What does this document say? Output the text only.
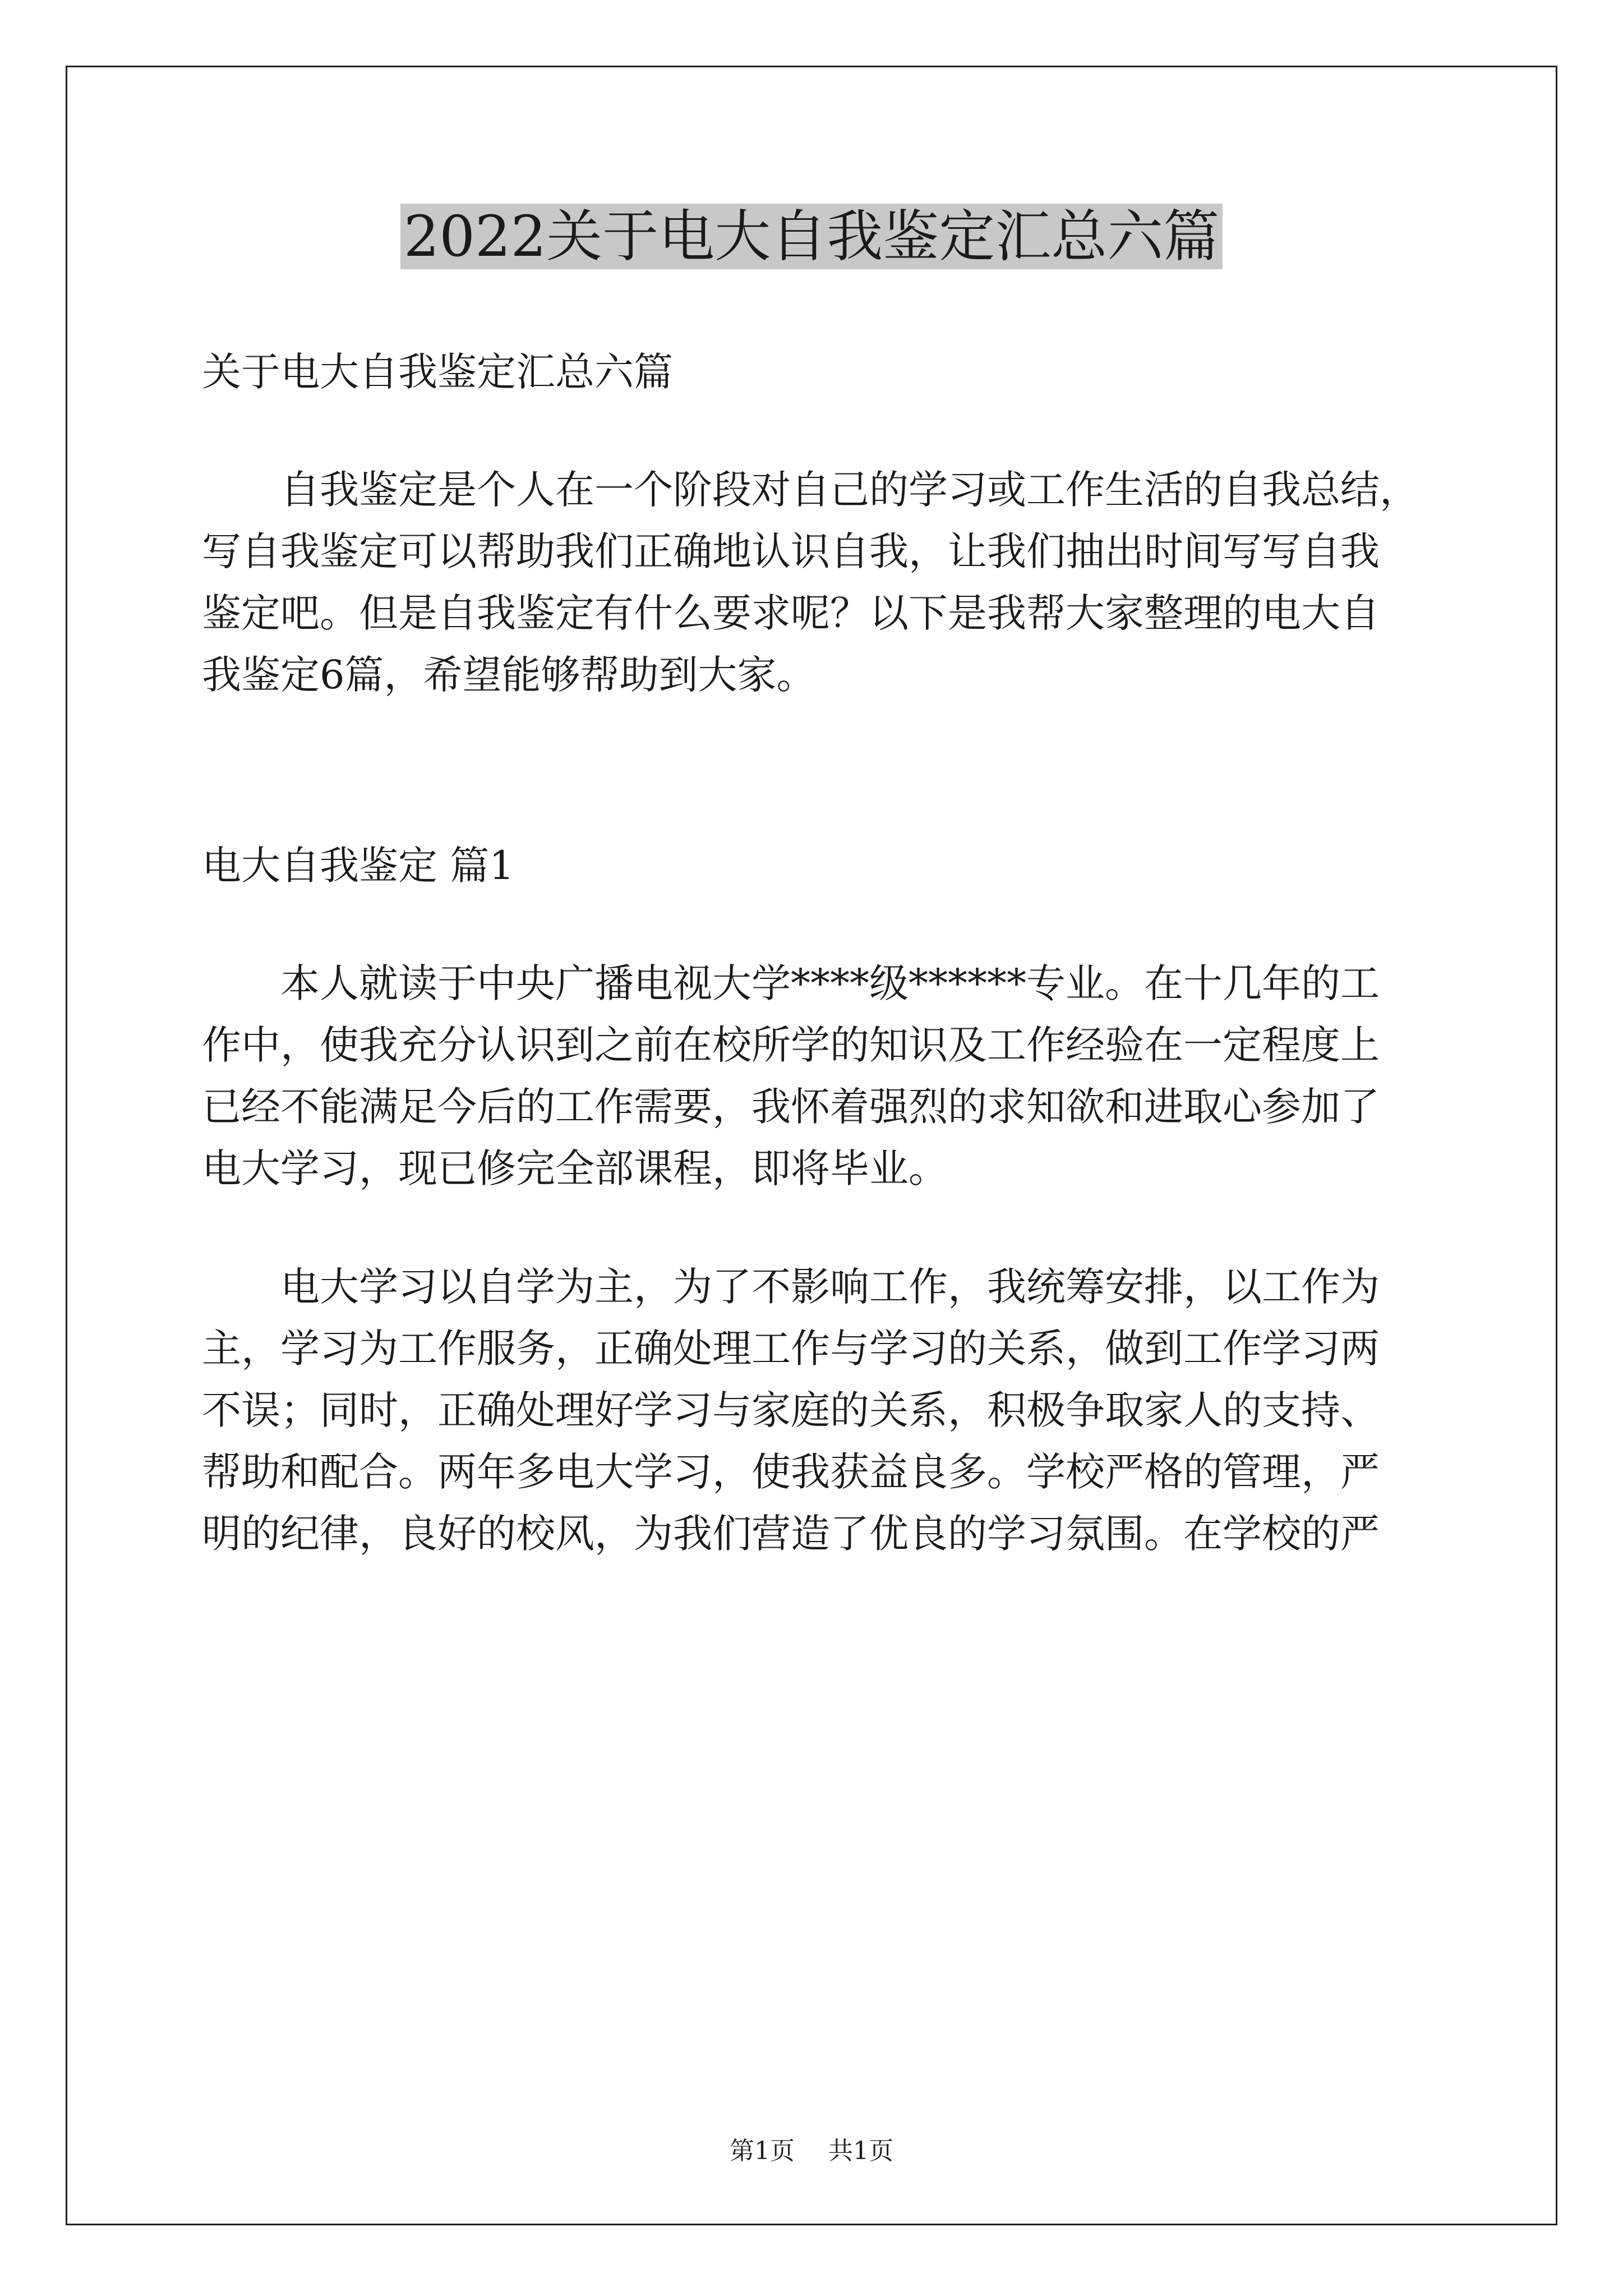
2022关于电大自我鉴定汇总六篇
关于电大自我鉴定汇总六篇
自我鉴定是个人在一个阶段对自己的学习或工作生活的自我总结，
写自我鉴定可以帮助我们正确地认识自我，让我们抽出时间写写自我
鉴定吧。但是自我鉴定有什么要求呢？以下是我帮大家整理的电大自
我鉴定6篇，希望能够帮助到大家。
电大自我鉴定 篇1
本人就读于中央广播电视大学****级******专业。在十几年的工
作中，使我充分认识到之前在校所学的知识及工作经验在一定程度上
已经不能满足今后的工作需要，我怀着强烈的求知欲和进取心参加了
电大学习，现已修完全部课程，即将毕业。
电大学习以自学为主，为了不影响工作，我统筹安排，以工作为
主，学习为工作服务，正确处理工作与学习的关系，做到工作学习两
不误；同时，正确处理好学习与家庭的关系，积极争取家人的支持、
帮助和配合。两年多电大学习，使我获益良多。学校严格的管理，严
明的纪律，良好的校风，为我们营造了优良的学习氛围。在学校的严
第1页 共1页
